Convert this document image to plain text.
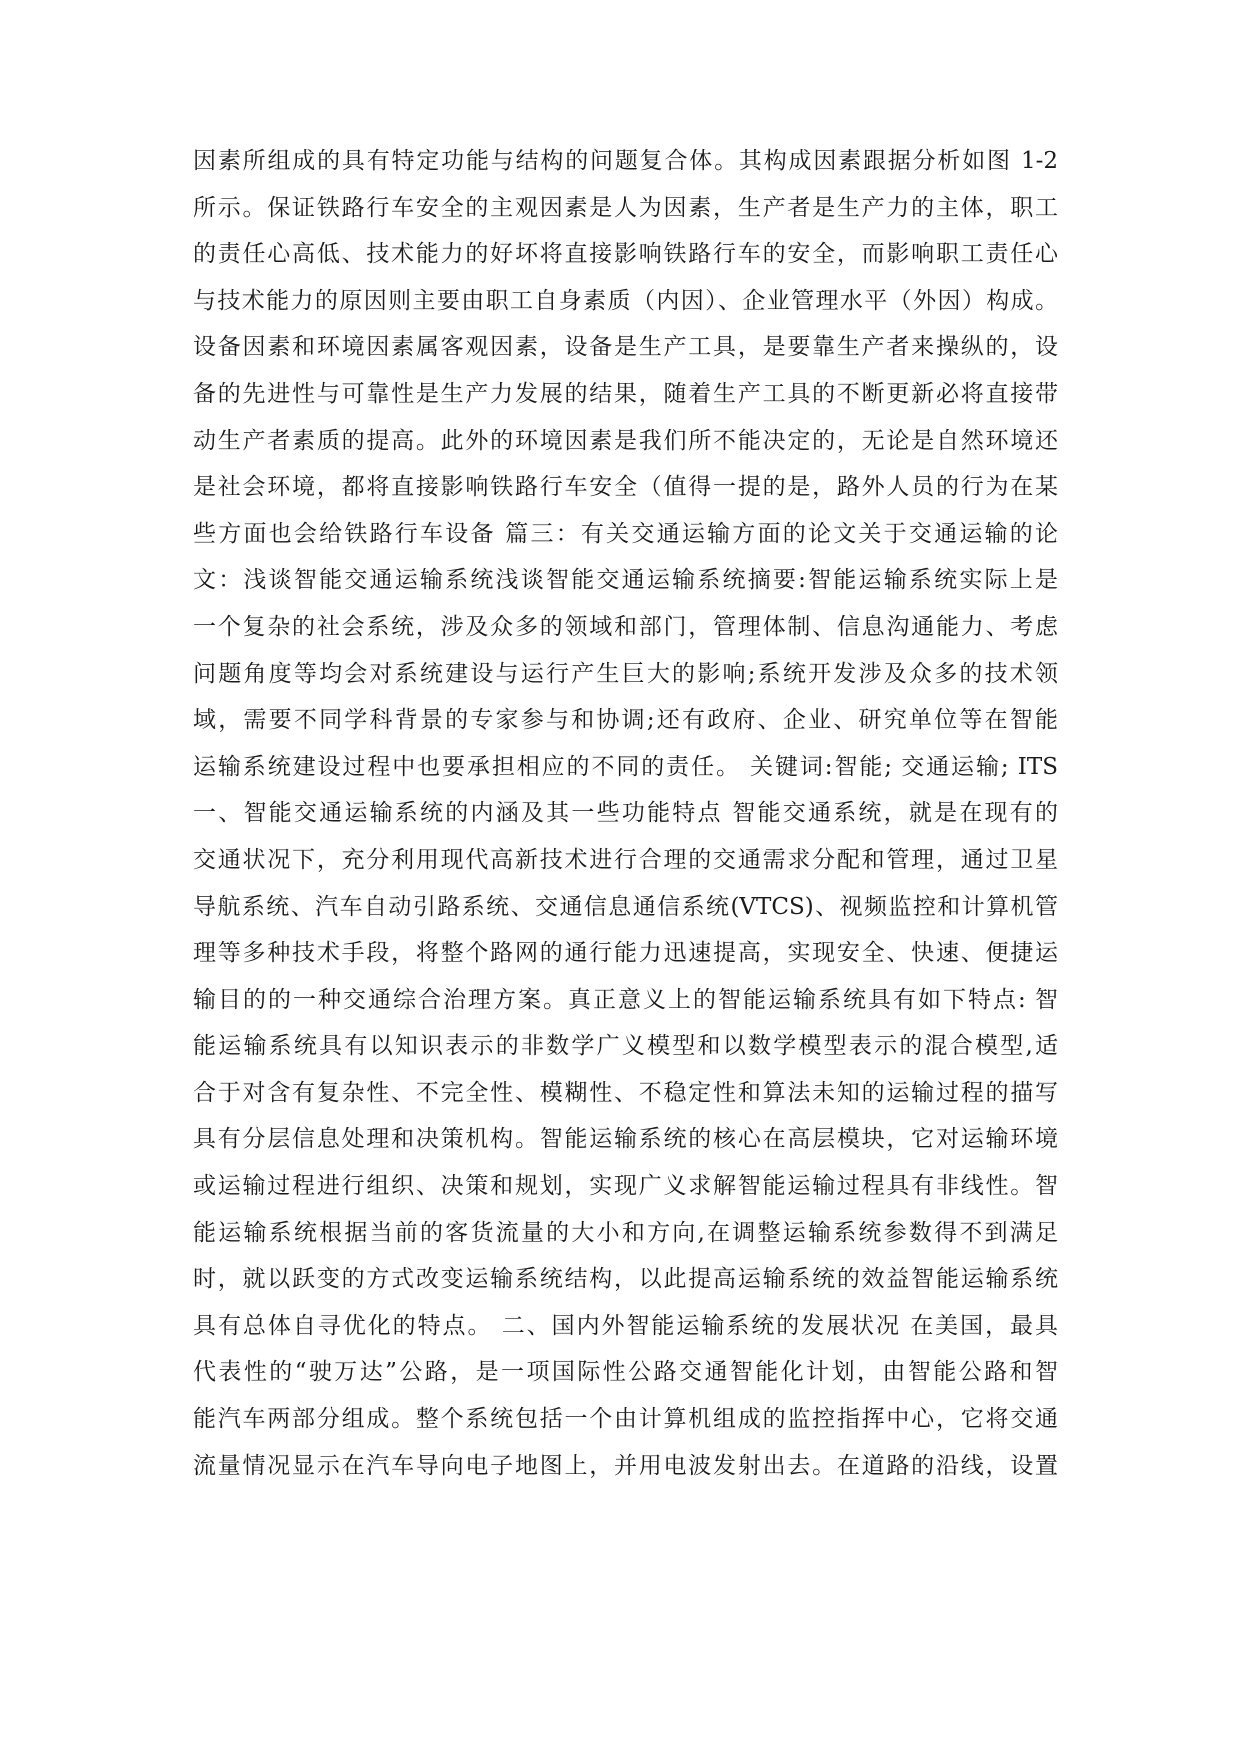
因素所组成的具有特定功能与结构的问题复合体。其构成因素跟据分析如图 1-2
所示。保证铁路行车安全的主观因素是人为因素，生产者是生产力的主体，职工
的责任心高低、技术能力的好坏将直接影响铁路行车的安全，而影响职工责任心
与技术能力的原因则主要由职工自身素质（内因）、企业管理水平（外因）构成。
设备因素和环境因素属客观因素，设备是生产工具，是要靠生产者来操纵的，设
备的先进性与可靠性是生产力发展的结果，随着生产工具的不断更新必将直接带
动生产者素质的提高。此外的环境因素是我们所不能决定的，无论是自然环境还
是社会环境，都将直接影响铁路行车安全（值得一提的是，路外人员的行为在某
些方面也会给铁路行车设备 篇三：有关交通运输方面的论文关于交通运输的论
文：浅谈智能交通运输系统浅谈智能交通运输系统摘要:智能运输系统实际上是
一个复杂的社会系统，涉及众多的领域和部门，管理体制、信息沟通能力、考虑
问题角度等均会对系统建设与运行产生巨大的影响;系统开发涉及众多的技术领
域，需要不同学科背景的专家参与和协调;还有政府、企业、研究单位等在智能
运输系统建设过程中也要承担相应的不同的责任。 关键词:智能; 交通运输; ITS
一、智能交通运输系统的内涵及其一些功能特点 智能交通系统，就是在现有的
交通状况下，充分利用现代高新技术进行合理的交通需求分配和管理，通过卫星
导航系统、汽车自动引路系统、交通信息通信系统(VTCS)、视频监控和计算机管
理等多种技术手段，将整个路网的通行能力迅速提高，实现安全、快速、便捷运
输目的的一种交通综合治理方案。真正意义上的智能运输系统具有如下特点: 智
能运输系统具有以知识表示的非数学广义模型和以数学模型表示的混合模型,适
合于对含有复杂性、不完全性、模糊性、不稳定性和算法未知的运输过程的描写
具有分层信息处理和决策机构。智能运输系统的核心在高层模块，它对运输环境
或运输过程进行组织、决策和规划，实现广义求解智能运输过程具有非线性。智
能运输系统根据当前的客货流量的大小和方向,在调整运输系统参数得不到满足
时，就以跃变的方式改变运输系统结构，以此提高运输系统的效益智能运输系统
具有总体自寻优化的特点。 二、国内外智能运输系统的发展状况 在美国，最具
代表性的“驶万达”公路，是一项国际性公路交通智能化计划，由智能公路和智
能汽车两部分组成。整个系统包括一个由计算机组成的监控指挥中心，它将交通
流量情况显示在汽车导向电子地图上，并用电波发射出去。在道路的沿线，设置
